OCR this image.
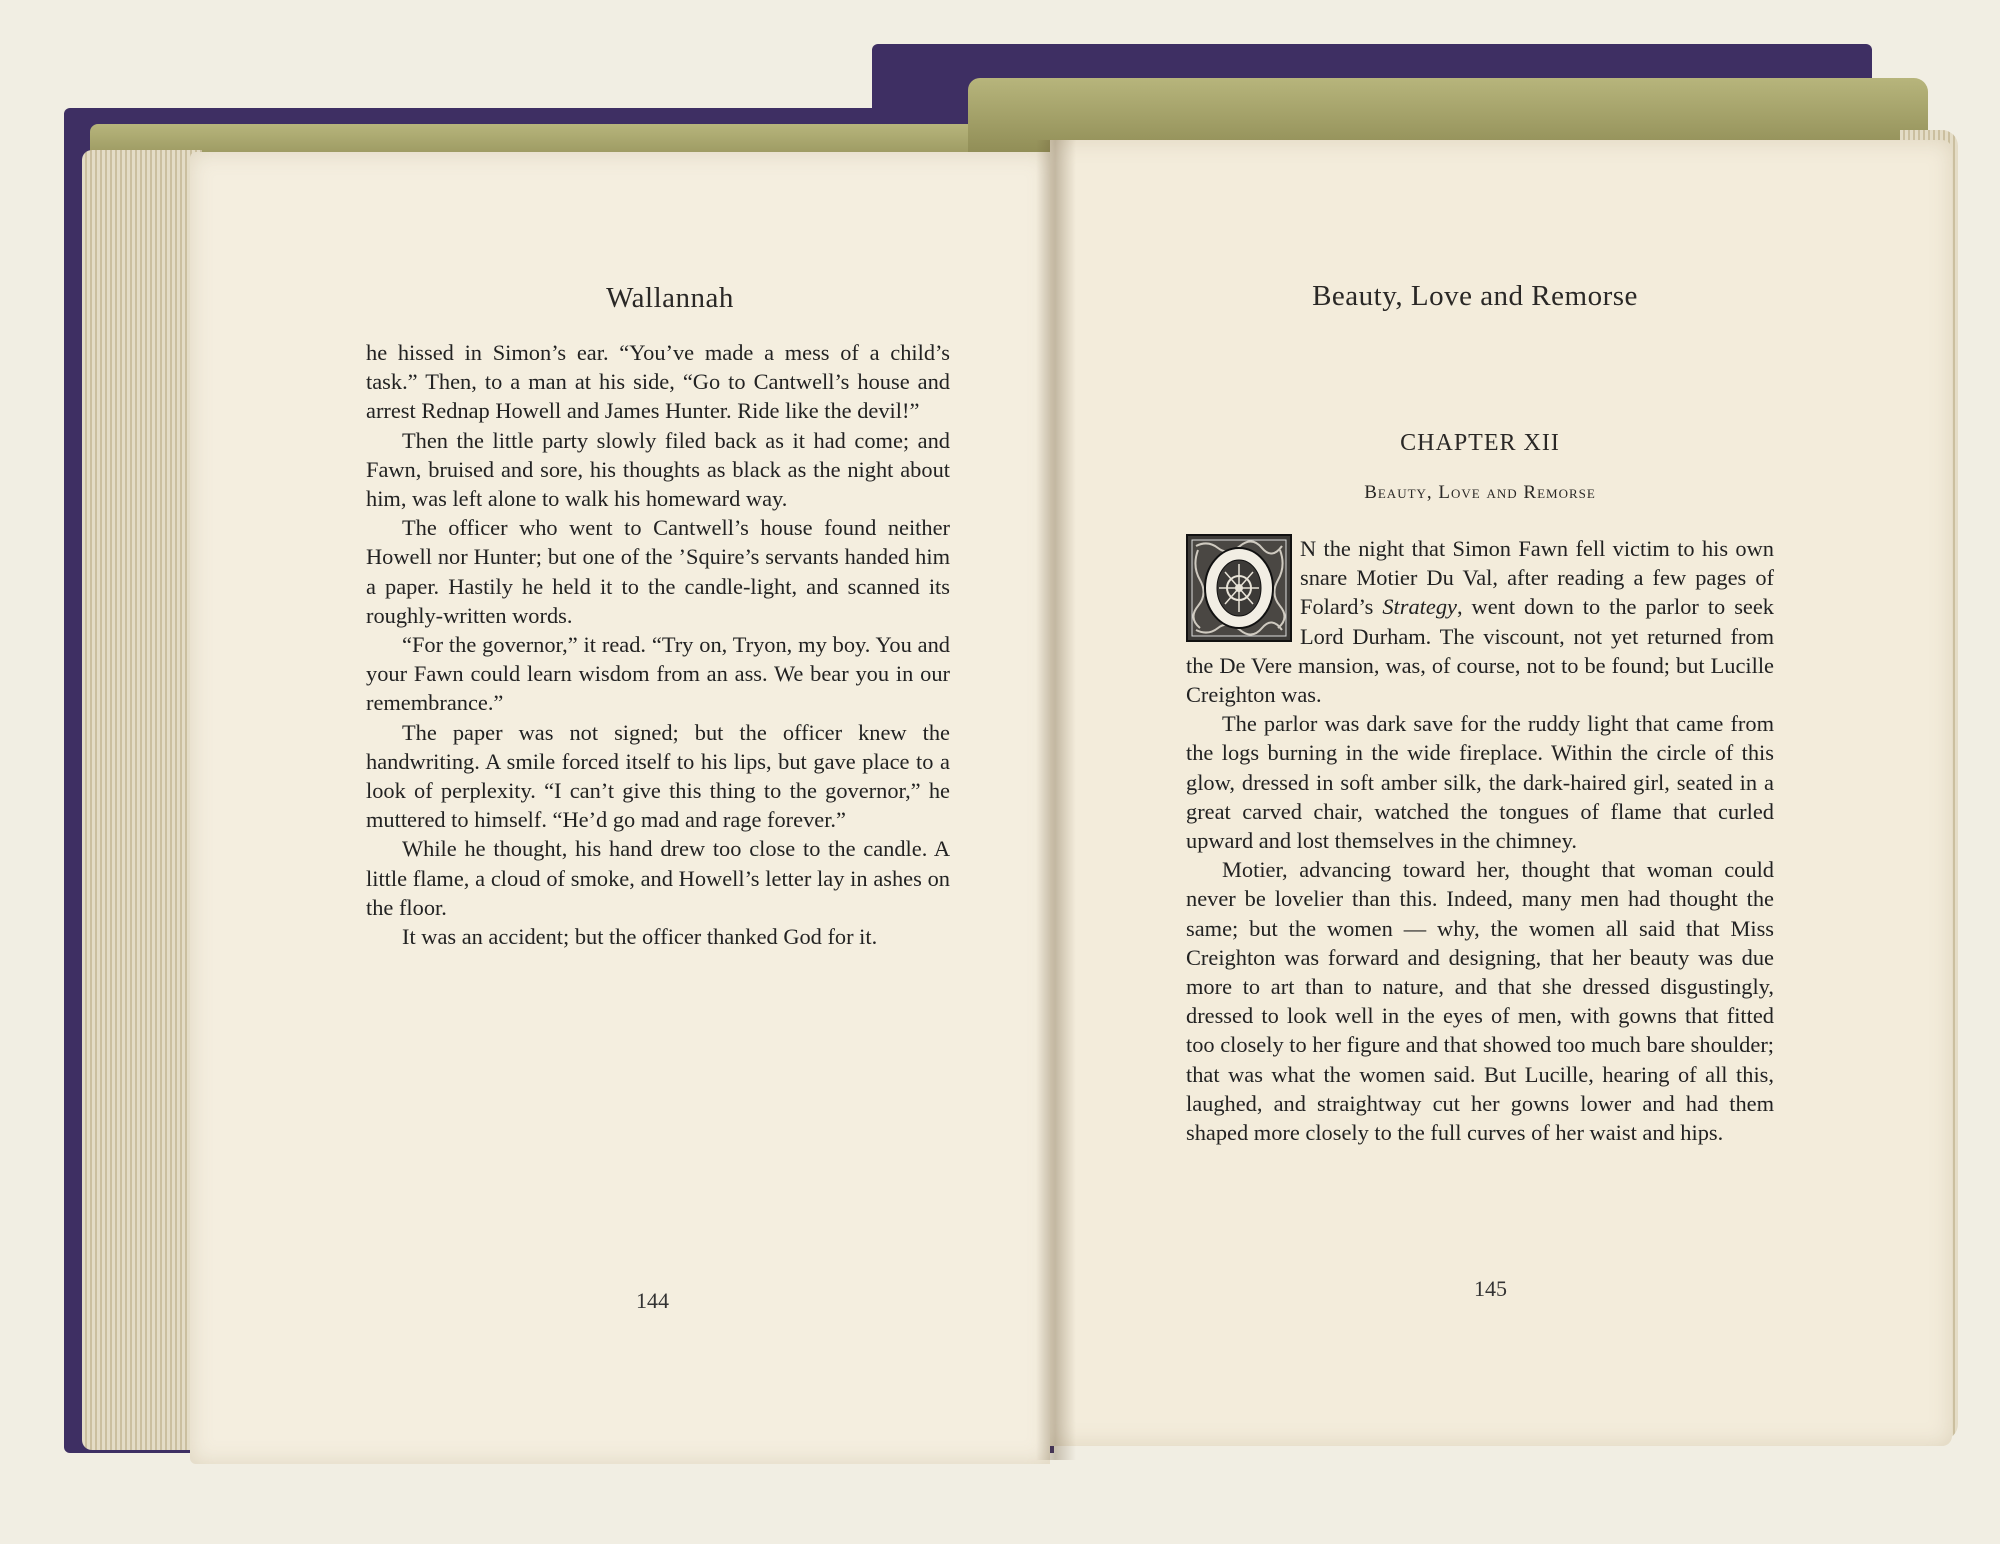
Wallannah

he hissed in Simon’s ear. “You’ve made a mess of a child’s task.” Then, to a man at his side, “Go to Cantwell’s house and arrest Rednap Howell and James Hunter. Ride like the devil!”

Then the little party slowly filed back as it had come; and Fawn, bruised and sore, his thoughts as black as the night about him, was left alone to walk his homeward way.

The officer who went to Cantwell’s house found neither Howell nor Hunter; but one of the ’Squire’s servants handed him a paper. Hastily he held it to the candle-light, and scanned its roughly-written words.

“For the governor,” it read. “Try on, Tryon, my boy. You and your Fawn could learn wisdom from an ass. We bear you in our remembrance.”

The paper was not signed; but the officer knew the handwriting. A smile forced itself to his lips, but gave place to a look of perplexity. “I can’t give this thing to the governor,” he muttered to himself. “He’d go mad and rage forever.”

While he thought, his hand drew too close to the candle. A little flame, a cloud of smoke, and Howell’s letter lay in ashes on the floor.

It was an accident; but the officer thanked God for it.

144
Beauty, Love and Remorse
CHAPTER XII
Beauty, Love and Remorse

N the night that Simon Fawn fell victim to his own snare Motier Du Val, after reading a few pages of Folard’s Strategy, went down to the parlor to seek Lord Durham. The viscount, not yet returned from the De Vere mansion, was, of course, not to be found; but Lucille Creighton was.

The parlor was dark save for the ruddy light that came from the logs burning in the wide fireplace. Within the circle of this glow, dressed in soft amber silk, the dark-haired girl, seated in a great carved chair, watched the tongues of flame that curled upward and lost themselves in the chimney.

Motier, advancing toward her, thought that woman could never be lovelier than this. Indeed, many men had thought the same; but the women — why, the women all said that Miss Creighton was forward and designing, that her beauty was due more to art than to nature, and that she dressed disgustingly, dressed to look well in the eyes of men, with gowns that fitted too closely to her figure and that showed too much bare shoulder; that was what the women said. But Lucille, hearing of all this, laughed, and straightway cut her gowns lower and had them shaped more closely to the full curves of her waist and hips.

145
